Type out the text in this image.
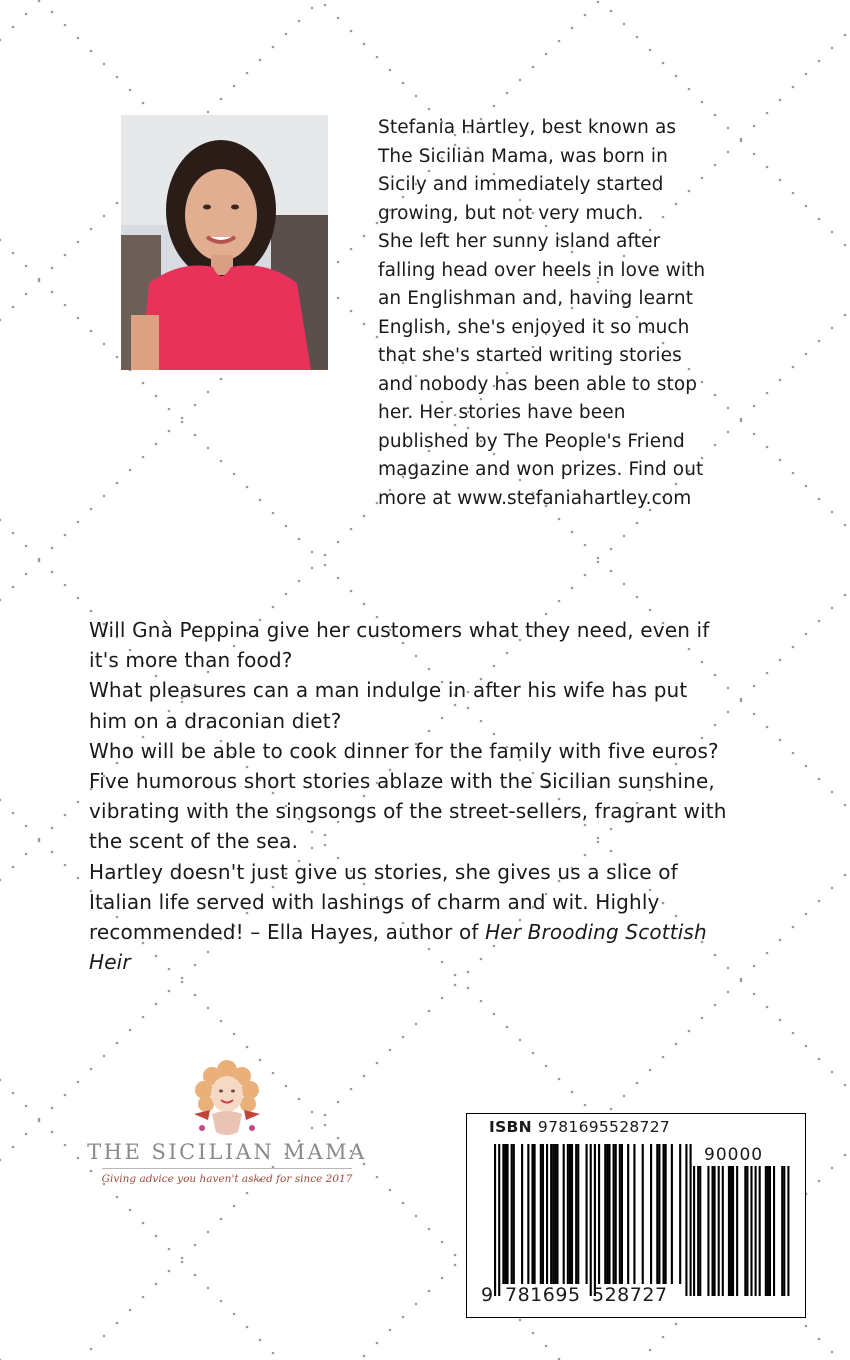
Stefania Hartley, best known as The Sicilian Mama, was born in Sicily and immediately started growing, but not very much.

She left her sunny island after falling head over heels in love with an Englishman and, having learnt English, she's enjoyed it so much that she's started writing stories and nobody has been able to stop her. Her stories have been published by The People's Friend magazine and won prizes. Find out more at www.stefaniahartley.com

Will Gnà Peppina give her customers what they need, even if it's more than food?

What pleasures can a man indulge in after his wife has put him on a draconian diet?

Who will be able to cook dinner for the family with five euros?

Five humorous short stories ablaze with the Sicilian sunshine, vibrating with the singsongs of the street-sellers, fragrant with the scent of the sea.

Hartley doesn't just give us stories, she gives us a slice of Italian life served with lashings of charm and wit. Highly recommended! – Ella Hayes, author of Her Brooding Scottish Heir

THE SICILIAN MAMA
Giving advice you haven't asked for since 2017
ISBN 9781695528727
90000
9 781695 528727
